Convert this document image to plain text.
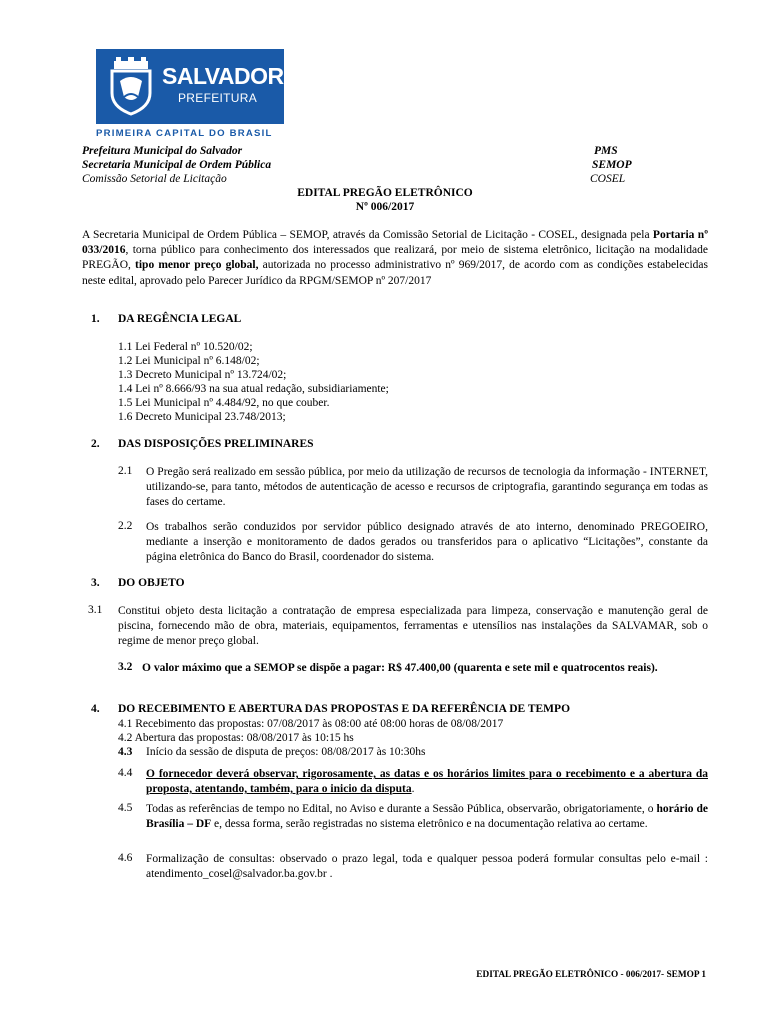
SALVADOR
PREFEITURA
PRIMEIRA CAPITAL DO BRASIL
Prefeitura Municipal do Salvador
Secretaria Municipal de Ordem Pública
Comissão Setorial de Licitação
PMS
SEMOP
COSEL
EDITAL PREGÃO ELETRÔNICO
Nº 006/2017
A Secretaria Municipal de Ordem Pública – SEMOP, através da Comissão Setorial de Licitação - COSEL, designada pela Portaria nº 033/2016, torna público para conhecimento dos interessados que realizará, por meio de sistema eletrônico, licitação na modalidade PREGÃO, tipo menor preço global, autorizada no processo administrativo nº 969/2017, de acordo com as condições estabelecidas neste edital, aprovado pelo Parecer Jurídico da RPGM/SEMOP nº 207/2017
1. DA REGÊNCIA LEGAL
1.1 Lei Federal nº 10.520/02;
1.2 Lei Municipal nº 6.148/02;
1.3 Decreto Municipal nº 13.724/02;
1.4 Lei nº 8.666/93 na sua atual redação, subsidiariamente;
1.5 Lei Municipal nº 4.484/92, no que couber.
1.6 Decreto Municipal 23.748/2013;
2. DAS DISPOSIÇÕES PRELIMINARES
2.1 O Pregão será realizado em sessão pública, por meio da utilização de recursos de tecnologia da informação - INTERNET, utilizando-se, para tanto, métodos de autenticação de acesso e recursos de criptografia, garantindo segurança em todas as fases do certame.
2.2 Os trabalhos serão conduzidos por servidor público designado através de ato interno, denominado PREGOEIRO, mediante a inserção e monitoramento de dados gerados ou transferidos para o aplicativo “Licitações”, constante da página eletrônica do Banco do Brasil, coordenador do sistema.
3. DO OBJETO
3.1 Constitui objeto desta licitação a contratação de empresa especializada para limpeza, conservação e manutenção geral de piscina, fornecendo mão de obra, materiais, equipamentos, ferramentas e utensílios nas instalações da SALVAMAR, sob o regime de menor preço global.
3.2 O valor máximo que a SEMOP se dispõe a pagar: R$ 47.400,00 (quarenta e sete mil e quatrocentos reais).
4. DO RECEBIMENTO E ABERTURA DAS PROPOSTAS E DA REFERÊNCIA DE TEMPO
4.1 Recebimento das propostas: 07/08/2017 às 08:00 até 08:00 horas de 08/08/2017
4.2 Abertura das propostas: 08/08/2017 às 10:15 hs
4.3 Início da sessão de disputa de preços: 08/08/2017 às 10:30hs
4.4 O fornecedor deverá observar, rigorosamente, as datas e os horários limites para o recebimento e a abertura da proposta, atentando, também, para o inicio da disputa.
4.5 Todas as referências de tempo no Edital, no Aviso e durante a Sessão Pública, observarão, obrigatoriamente, o horário de Brasília – DF e, dessa forma, serão registradas no sistema eletrônico e na documentação relativa ao certame.
4.6 Formalização de consultas: observado o prazo legal, toda e qualquer pessoa poderá formular consultas pelo e-mail : atendimento_cosel@salvador.ba.gov.br .
EDITAL PREGÃO ELETRÔNICO - 006/2017- SEMOP 1
